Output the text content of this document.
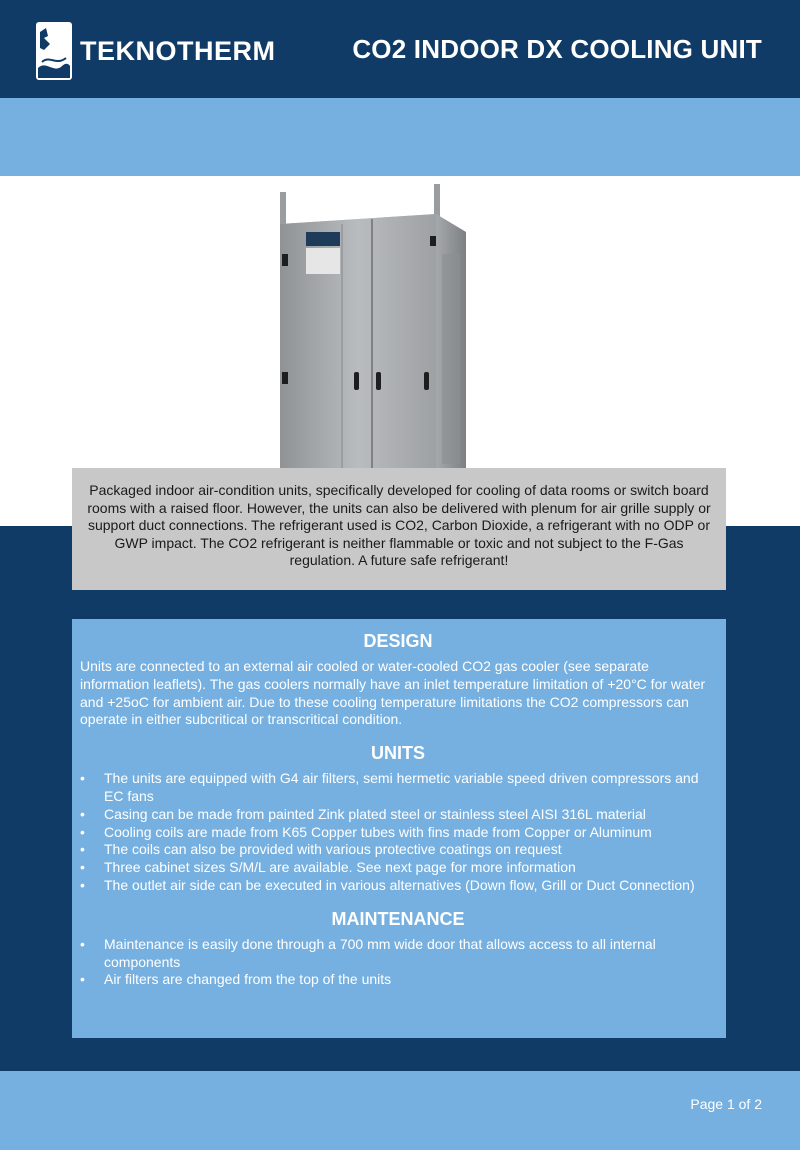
TEKNOTHERM	CO2 INDOOR DX COOLING UNIT
Page 1 of 2
Packaged indoor air-condition units, specifically developed for cooling of data rooms or switch board rooms with a raised floor. However, the units can also be delivered with plenum for air grille supply or support duct connections. The refrigerant used is CO2, Carbon Dioxide, a refrigerant with no ODP or GWP impact. The CO2 refrigerant is neither flammable or toxic and not subject to the F-Gas regulation. A future safe refrigerant!
DESIGN
Units are connected to an external air cooled or water-cooled CO2 gas cooler (see separate information leaflets). The gas coolers normally have an inlet temperature limitation of +20°C for water and +25oC for ambient air. Due to these cooling temperature limitations the CO2 compressors can operate in either subcritical or transcritical condition.
UNITS
• The units are equipped with G4 air filters, semi hermetic variable speed driven compressors and EC fans
• Casing can be made from painted Zink plated steel or stainless steel AISI 316L material
• Cooling coils are made from K65 Copper tubes with fins made from Copper or Aluminum
• The coils can also be provided with various protective coatings on request
• Three cabinet sizes S/M/L are available. See next page for more information
• The outlet air side can be executed in various alternatives (Down flow, Grill or Duct Connection)
MAINTENANCE
• Maintenance is easily done through a 700 mm wide door that allows access to all internal components
• Air filters are changed from the top of the units
